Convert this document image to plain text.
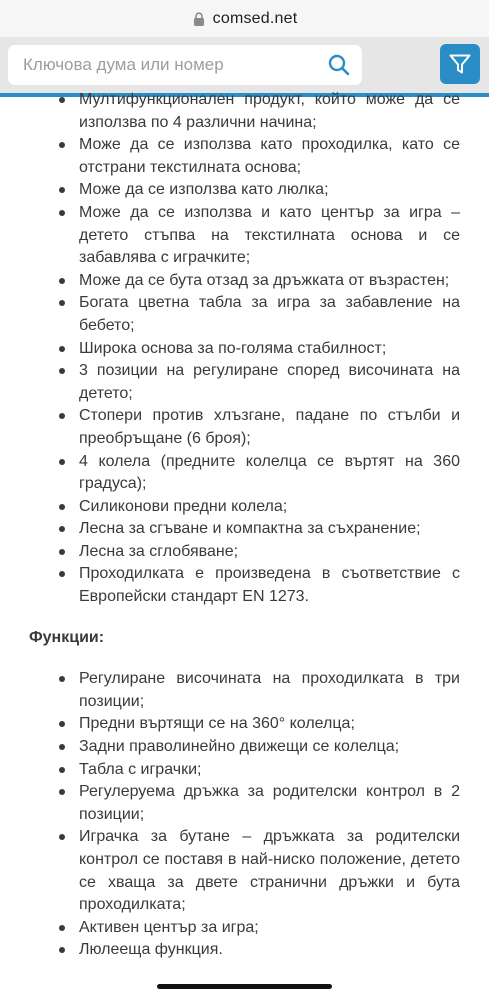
comsed.net
Ключова дума или номер
Мултифункционален продукт, който може да се използва по 4 различни начина;
Може да се използва като проходилка, като се отстрани текстилната основа;
Може да се използва като люлка;
Може да се използва и като център за игра – детето стъпва на текстилната основа и се забавлява с играчките;
Може да се бута отзад за дръжката от възрастен;
Богата цветна табла за игра за забавление на бебето;
Широка основа за по-голяма стабилност;
3 позиции на регулиране според височината на детето;
Стопери против хлъзгане, падане по стълби и преобръщане (6 броя);
4 колела (предните колелца се въртят на 360 градуса);
Силиконови предни колела;
Лесна за сгъване и компактна за съхранение;
Лесна за сглобяване;
Проходилката е произведена в съответствие с Европейски стандарт EN 1273.
Функции:
Регулиране височината на проходилката в три позиции;
Предни въртящи се на 360° колелца;
Задни праволинейно движещи се колелца;
Табла с играчки;
Регулеруема дръжка за родителски контрол в 2 позиции;
Играчка за бутане – дръжката за родителски контрол се поставя в най-ниско положение, детето се хваща за двете странични дръжки и бута проходилката;
Активен център за игра;
Люлееща функция.
